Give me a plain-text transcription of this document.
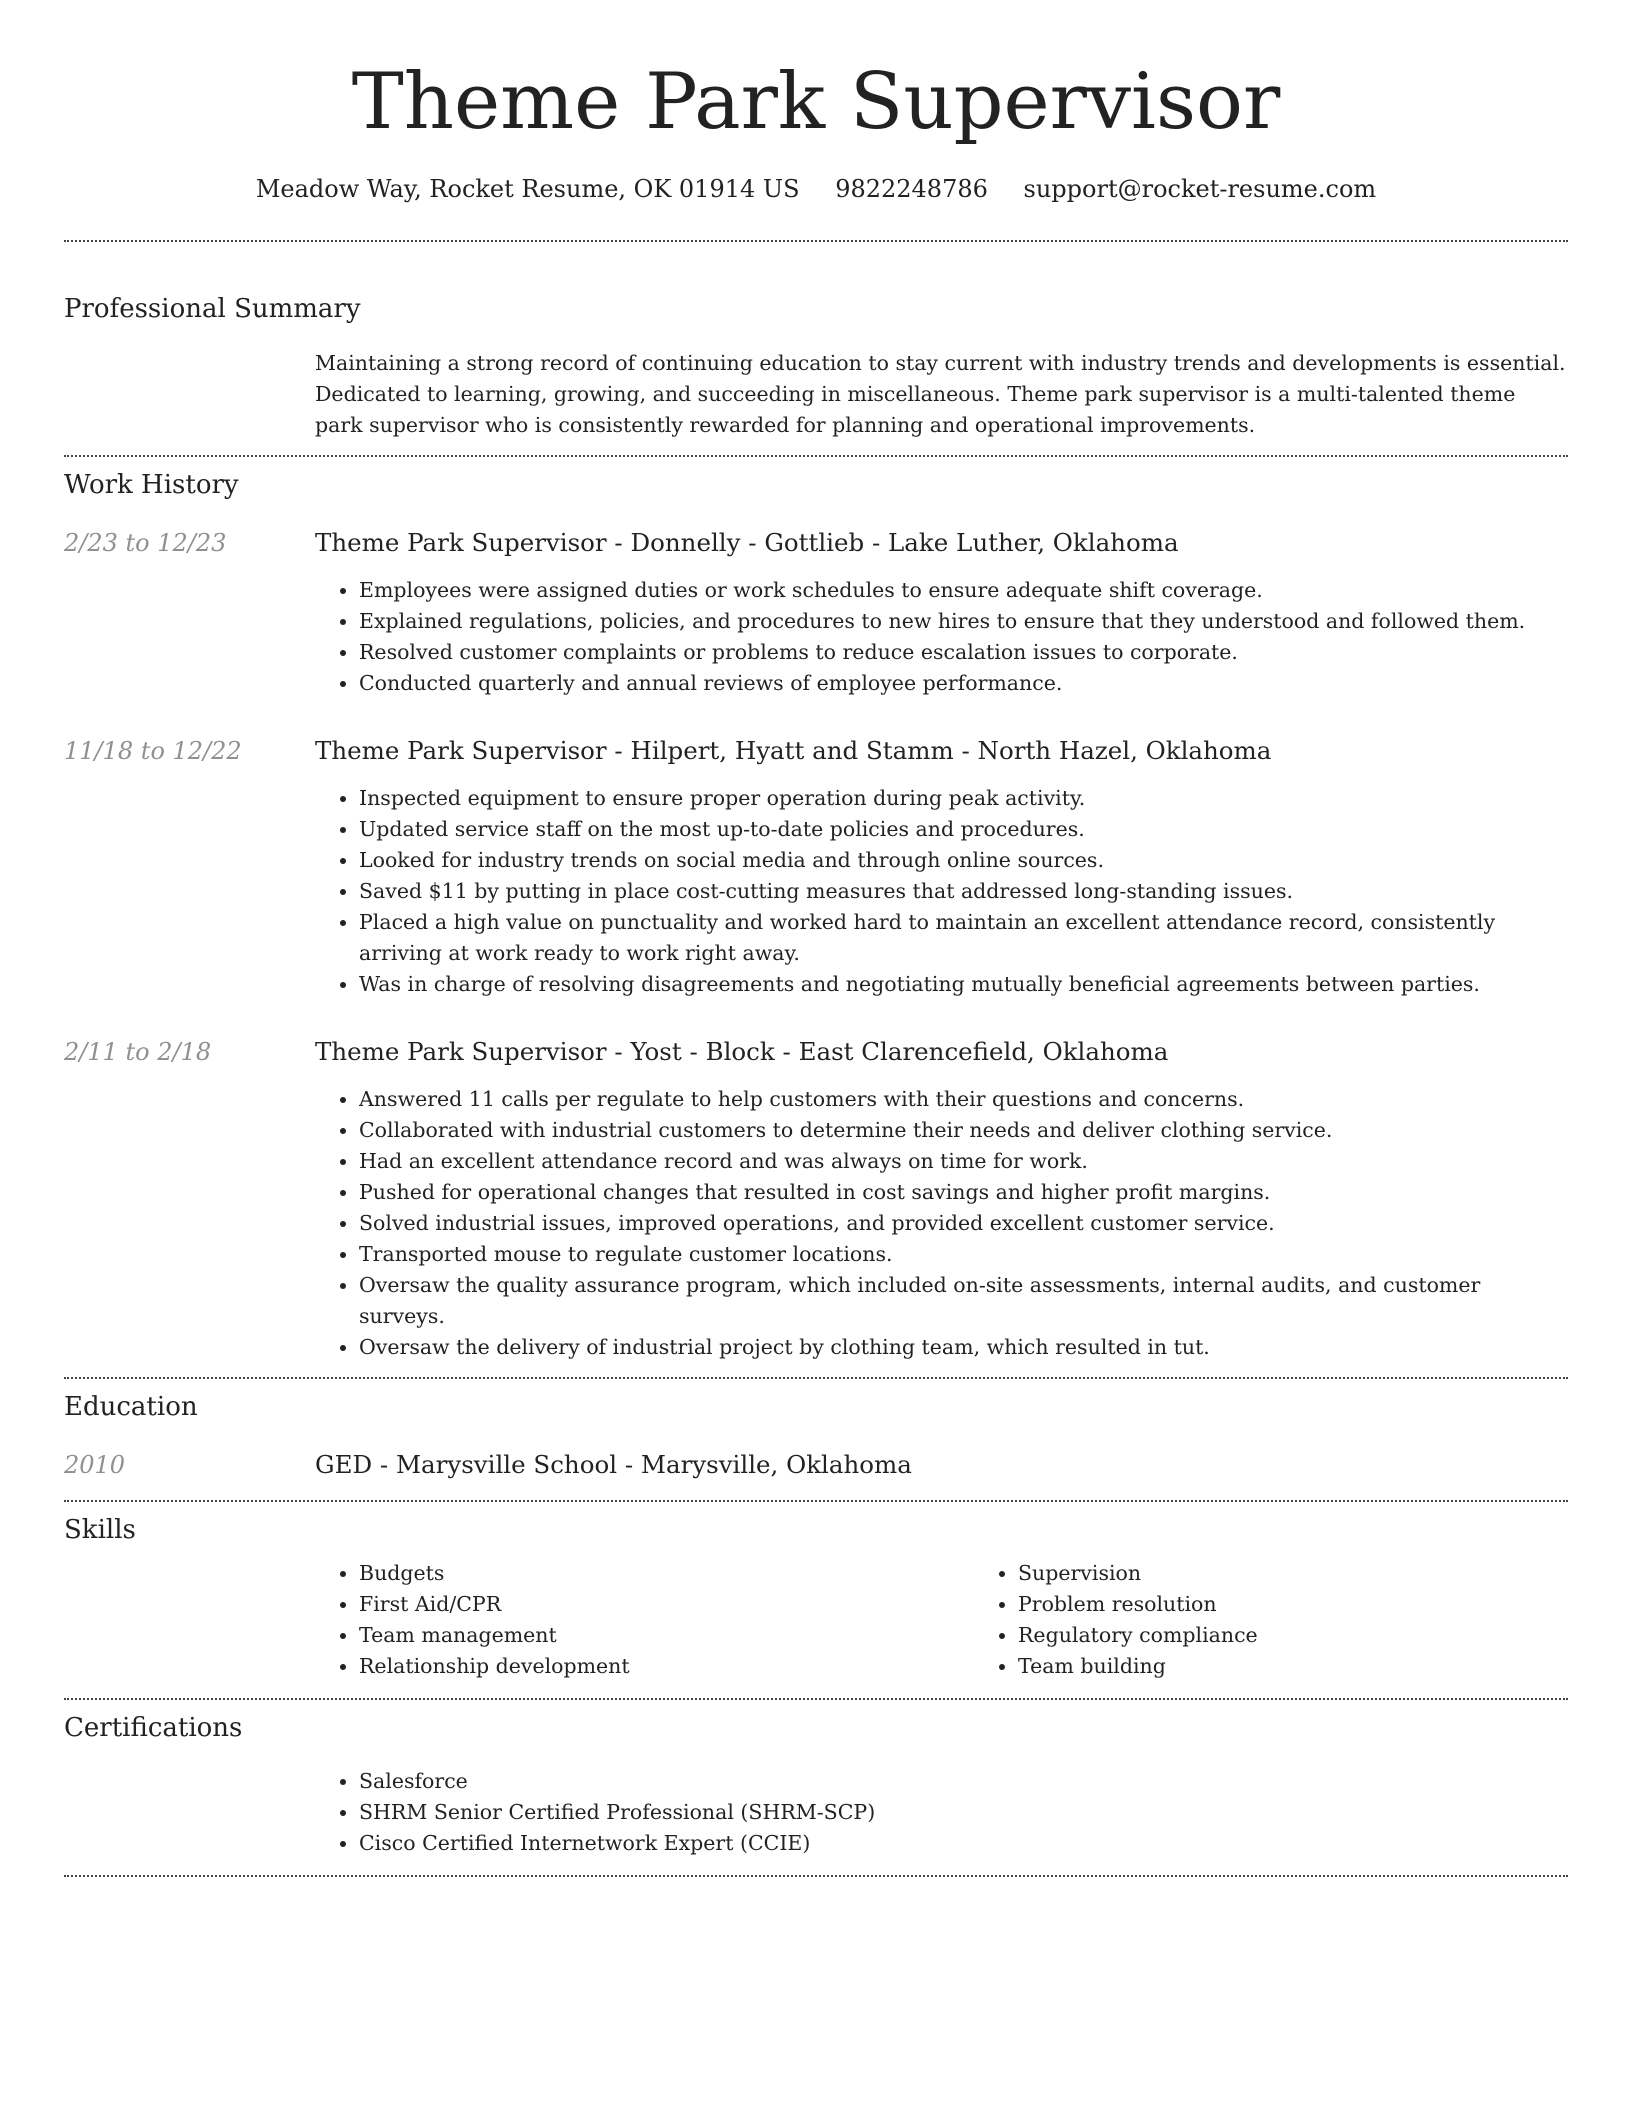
Theme Park Supervisor
Meadow Way, Rocket Resume, OK 01914 US 9822248786 support@rocket-resume.com
Professional Summary

Maintaining a strong record of continuing education to stay current with industry trends and developments is essential. Dedicated to learning, growing, and succeeding in miscellaneous. Theme park supervisor is a multi-talented theme park supervisor who is consistently rewarded for planning and operational improvements.

Work History
2/23 to 12/23	Theme Park Supervisor - Donnelly - Gottlieb - Lake Luther, Oklahoma
• Employees were assigned duties or work schedules to ensure adequate shift coverage.
• Explained regulations, policies, and procedures to new hires to ensure that they understood and followed them.
• Resolved customer complaints or problems to reduce escalation issues to corporate.
• Conducted quarterly and annual reviews of employee performance.
11/18 to 12/22	Theme Park Supervisor - Hilpert, Hyatt and Stamm - North Hazel, Oklahoma
• Inspected equipment to ensure proper operation during peak activity.
• Updated service staff on the most up-to-date policies and procedures.
• Looked for industry trends on social media and through online sources.
• Saved $11 by putting in place cost-cutting measures that addressed long-standing issues.
• Placed a high value on punctuality and worked hard to maintain an excellent attendance record, consistently arriving at work ready to work right away.
• Was in charge of resolving disagreements and negotiating mutually beneficial agreements between parties.
2/11 to 2/18	Theme Park Supervisor - Yost - Block - East Clarencefield, Oklahoma
• Answered 11 calls per regulate to help customers with their questions and concerns.
• Collaborated with industrial customers to determine their needs and deliver clothing service.
• Had an excellent attendance record and was always on time for work.
• Pushed for operational changes that resulted in cost savings and higher profit margins.
• Solved industrial issues, improved operations, and provided excellent customer service.
• Transported mouse to regulate customer locations.
• Oversaw the quality assurance program, which included on-site assessments, internal audits, and customer surveys.
• Oversaw the delivery of industrial project by clothing team, which resulted in tut.
Education
2010	GED - Marysville School - Marysville, Oklahoma
Skills
• Budgets
• First Aid/CPR
• Team management
• Relationship development
• Supervision
• Problem resolution
• Regulatory compliance
• Team building
Certifications
• Salesforce
• SHRM Senior Certified Professional (SHRM-SCP)
• Cisco Certified Internetwork Expert (CCIE)
